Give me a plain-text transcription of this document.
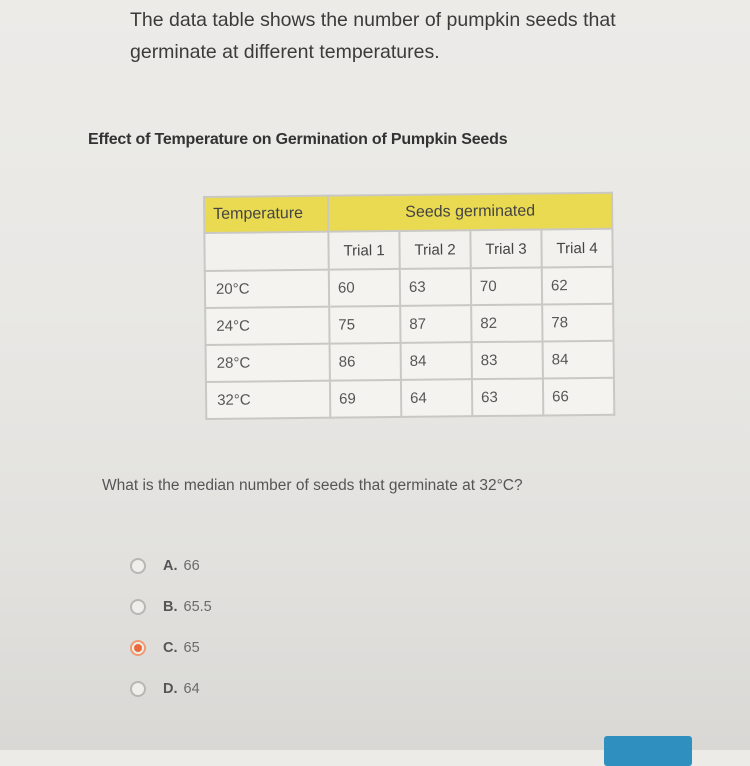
The data table shows the number of pumpkin seeds that
germinate at different temperatures.

Effect of Temperature on Germination of Pumpkin Seeds

Temperature	Seeds germinated			
	Trial 1	Trial 2	Trial 3	Trial 4
20°C	60	63	70	62
24°C	75	87	82	78
28°C	86	84	83	84
32°C	69	64	63	66

What is the median number of seeds that germinate at 32°C?

A. 66
B. 65.5
C. 65
D. 64
